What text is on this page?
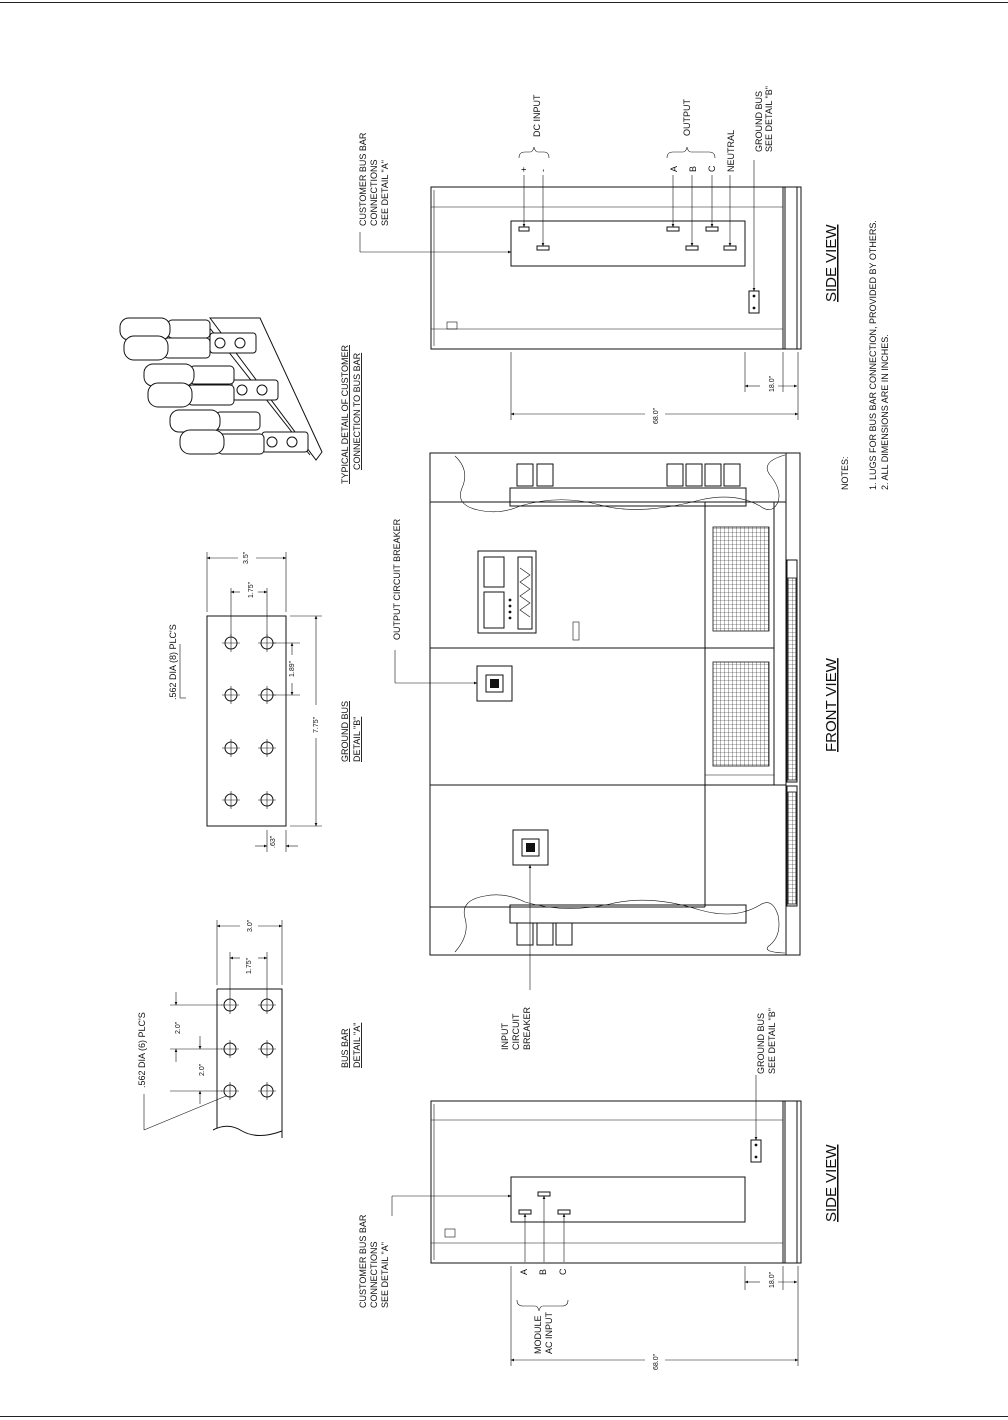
SIDE VIEW
DC INPUT
+ -
OUTPUT
A B C NEUTRAL GROUND BUS SEE DETAIL "B"
CUSTOMER BUS BAR CONNECTIONS SEE DETAIL "A"
68.0"
18.0"
NOTES: 1. LUGS FOR BUS BAR CONNECTION, PROVIDED BY OTHERS. 2. ALL DIMENSIONS ARE IN INCHES.
TYPICAL DETAIL OF CUSTOMER CONNECTION TO BUS BAR
GROUND BUS DETAIL "B"
.562 DIA (8) PLC'S
3.5"
1.75"
1.89"
7.75"
.63"
BUS BAR DETAIL "A"
.562 DIA (6) PLC'S
3.0"
1.75"
2.0"
2.0"
FRONT VIEW
OUTPUT CIRCUIT BREAKER
INPUT CIRCUIT BREAKER
SIDE VIEW
CUSTOMER BUS BAR CONNECTIONS SEE DETAIL "A"
MODULE AC INPUT
A B C
GROUND BUS SEE DETAIL "B"
68.0"
18.0"
